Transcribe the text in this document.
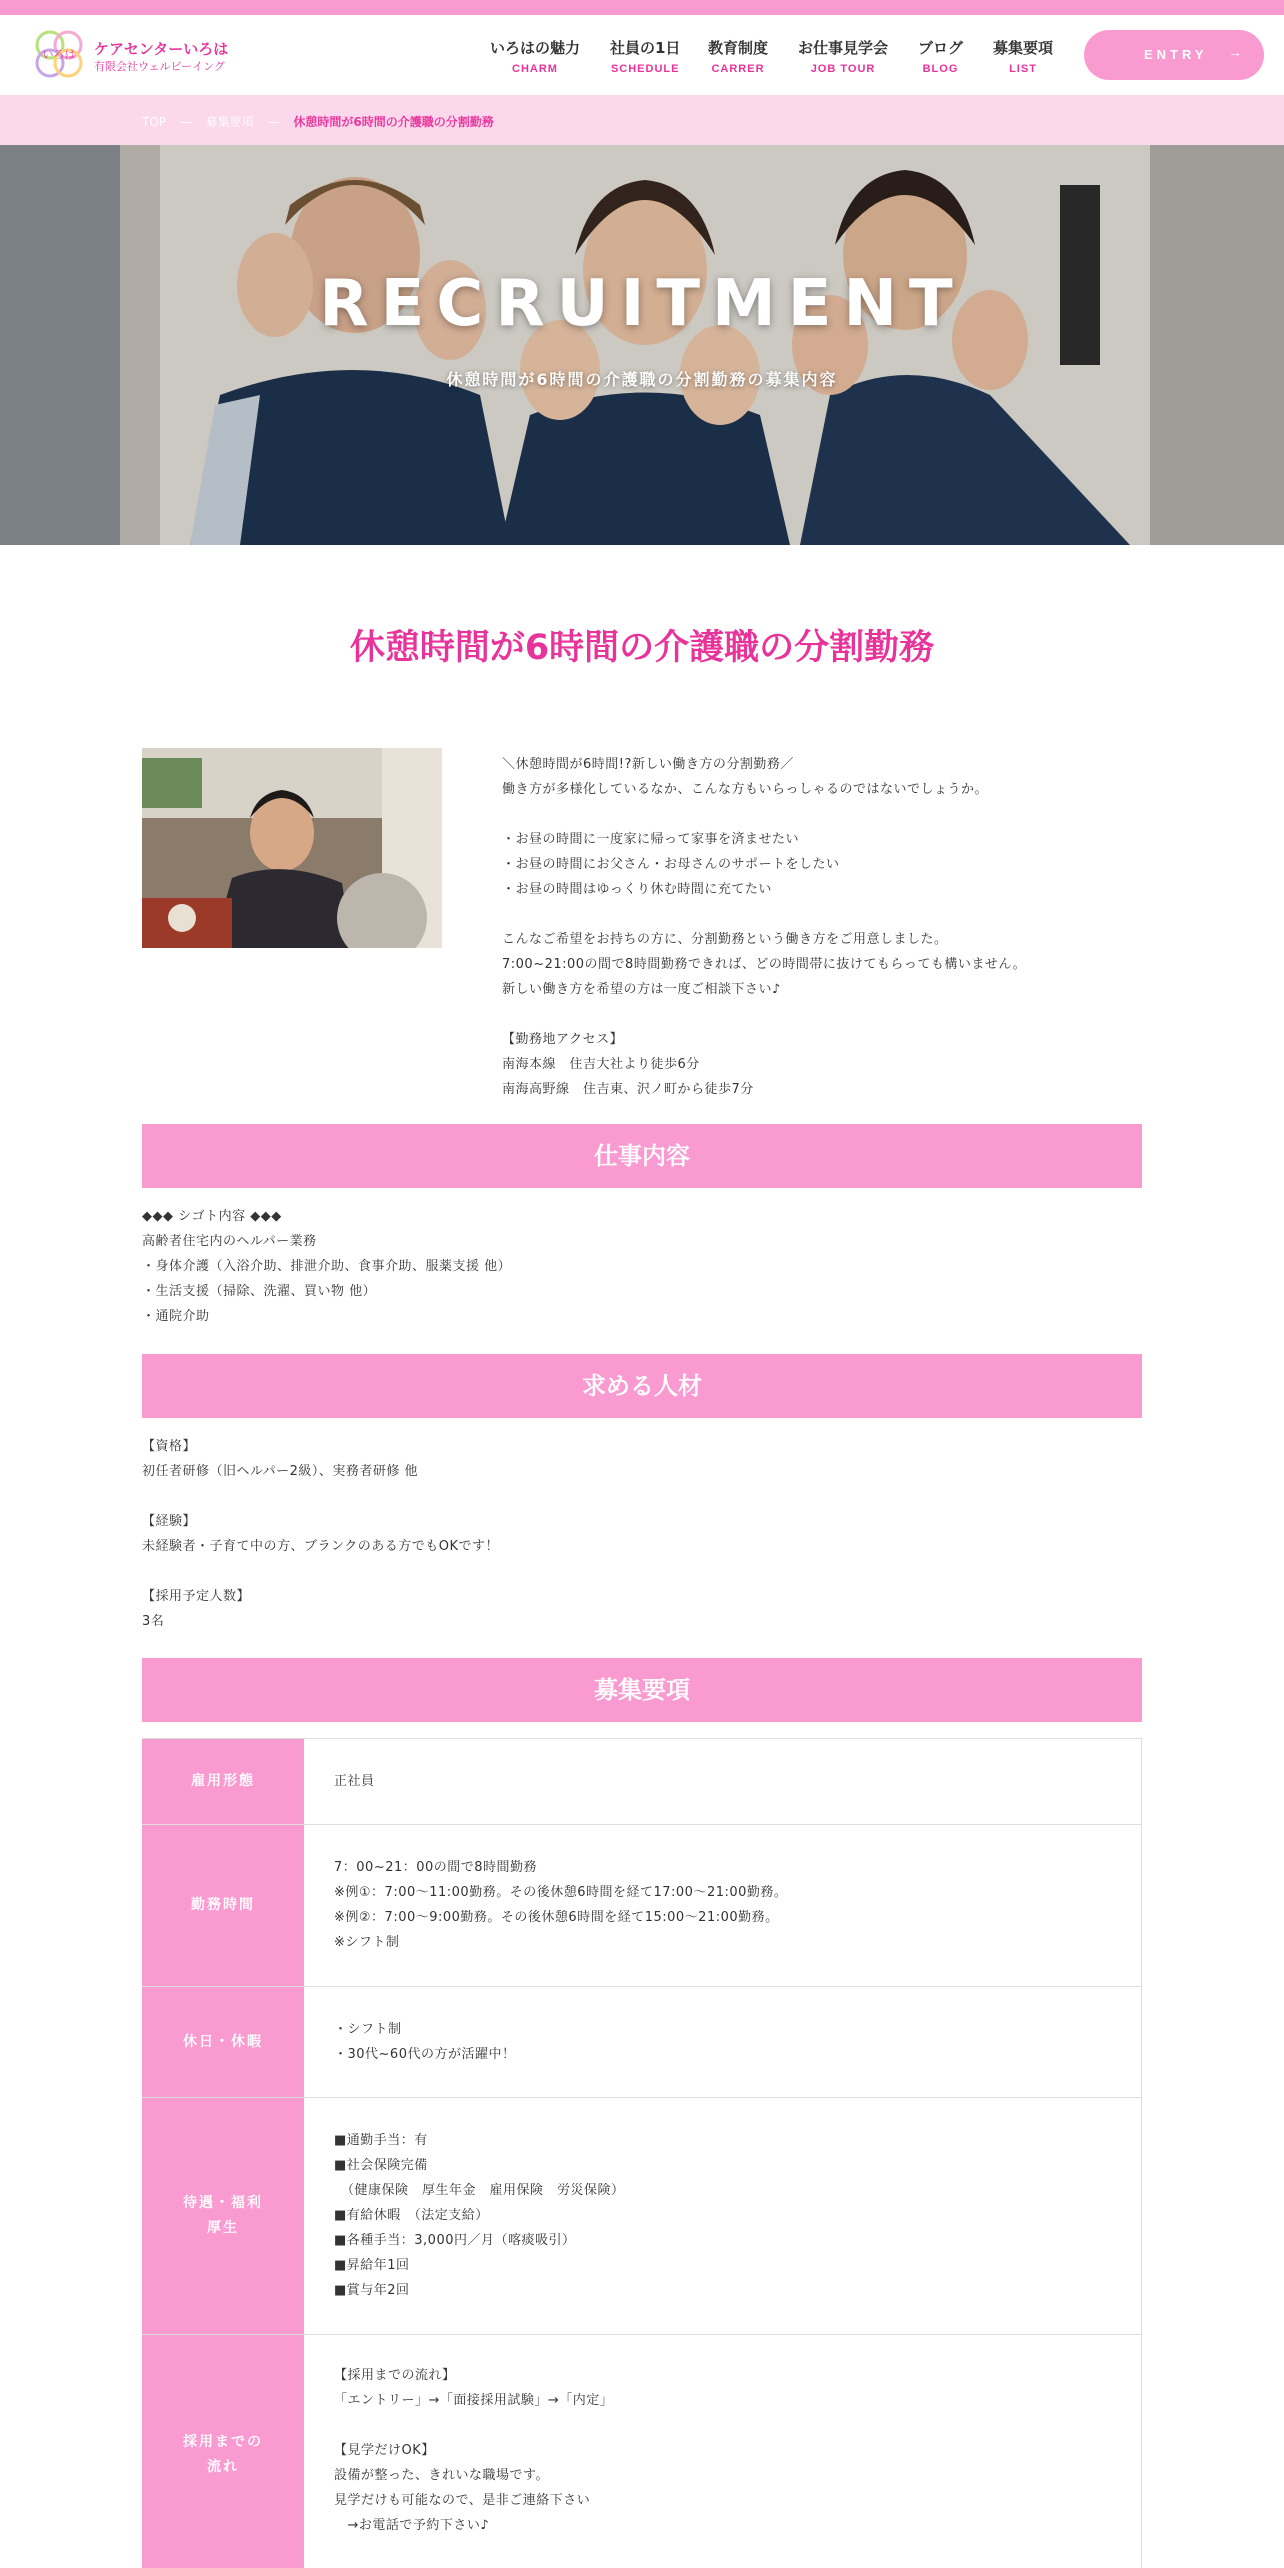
いろは ケアセンターいろは
有限会社ウェルビーイング
いろはの魅力
CHARM
社員の1日
SCHEDULE
教育制度
CARRER
お仕事見学会
JOB TOUR
ブログ
BLOG
募集要項
LIST
ENTRY →
TOP — 募集要項 — 休憩時間が6時間の介護職の分割勤務
RECRUITMENT
休憩時間が6時間の介護職の分割勤務の募集内容
休憩時間が6時間の介護職の分割勤務

＼休憩時間が6時間!?新しい働き方の分割勤務／

働き方が多様化しているなか、こんな方もいらっしゃるのではないでしょうか。

・お昼の時間に一度家に帰って家事を済ませたい

・お昼の時間にお父さん・お母さんのサポートをしたい

・お昼の時間はゆっくり休む時間に充てたい

こんなご希望をお持ちの方に、分割勤務という働き方をご用意しました。

7:00~21:00の間で8時間勤務できれば、どの時間帯に抜けてもらっても構いません。

新しい働き方を希望の方は一度ご相談下さい♪

【勤務地アクセス】

南海本線　住吉大社より徒歩6分

南海高野線　住吉東、沢ノ町から徒歩7分

仕事内容

◆◆◆ シゴト内容 ◆◆◆

高齢者住宅内のヘルパー業務

・身体介護（入浴介助、排泄介助、食事介助、服薬支援 他）

・生活支援（掃除、洗濯、買い物 他）

・通院介助

求める人材

【資格】

初任者研修（旧ヘルパー2級）、実務者研修 他

【経験】

未経験者・子育て中の方、ブランクのある方でもOKです！

【採用予定人数】

3名

募集要項
雇用形態	正社員

勤務時間

7：00~21：00の間で8時間勤務

※例①：7:00～11:00勤務。その後休憩6時間を経て17:00～21:00勤務。

※例②：7:00～9:00勤務。その後休憩6時間を経て15:00～21:00勤務。

※シフト制

休日・休暇

・シフト制

・30代~60代の方が活躍中！

待遇・福利
厚生

■通勤手当：有

■社会保険完備

　（健康保険　厚生年金　雇用保険　労災保険）

■有給休暇　（法定支給）

■各種手当：3,000円／月（喀痰吸引）

■昇給年1回

■賞与年2回

採用までの
流れ

【採用までの流れ】

「エントリー」→「面接採用試験」→「内定」

【見学だけOK】

設備が整った、きれいな職場です。

見学だけも可能なので、是非ご連絡下さい

　→お電話で予約下さい♪
